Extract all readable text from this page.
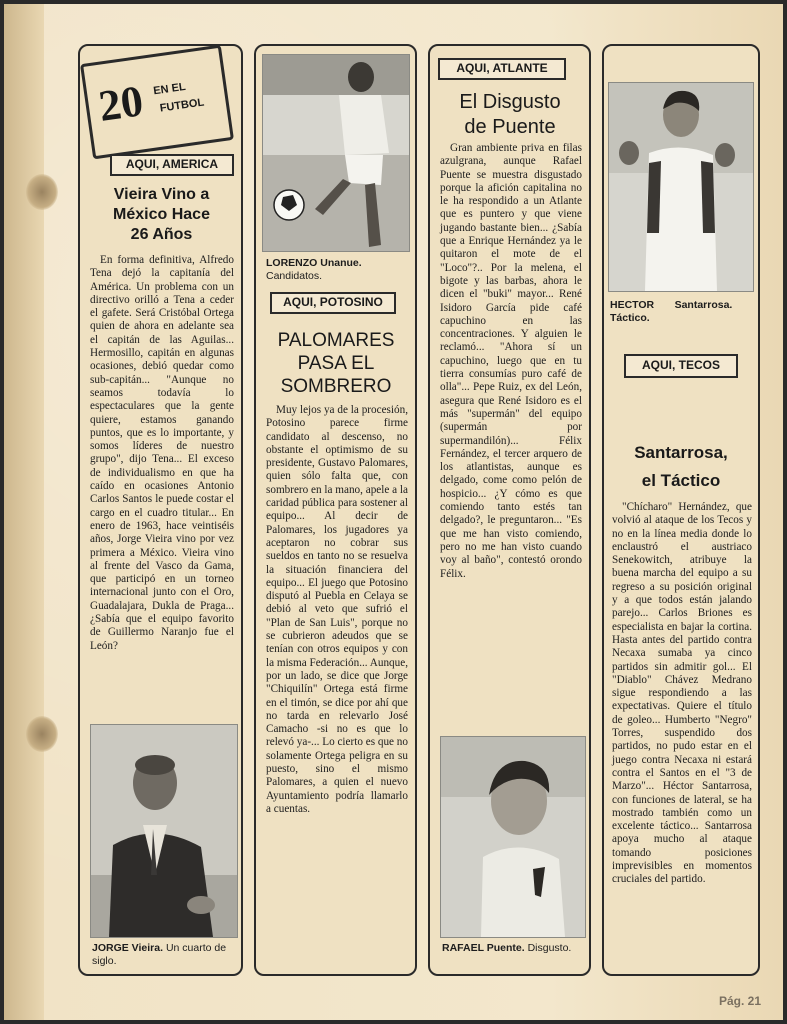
20 EN EL
FUTBOL
AQUI, AMERICA
Vieira Vino a
México Hace
26 Años

En forma definitiva, Alfredo Tena dejó la capitanía del América. Un problema con un directivo orilló a Tena a ceder el gafete. Será Cristóbal Ortega quien de ahora en adelante sea el capitán de las Aguilas... Hermosillo, capitán en algunas ocasiones, debió quedar como sub-capitán... "Aunque no seamos todavía lo espectaculares que la gente quiere, estamos ganando puntos, que es lo importante, y somos líderes de nuestro grupo", dijo Tena... El exceso de individualismo en que ha caído en ocasiones Antonio Carlos Santos le puede costar el cargo en el cuadro titular... En enero de 1963, hace veintiséis años, Jorge Vieira vino por vez primera a México. Vieira vino al frente del Vasco da Gama, que participó en un torneo internacional junto con el Oro, Guadalajara, Dukla de Praga... ¿Sabía que el equipo favorito de Guillermo Naranjo fue el León?

JORGE Vieira. Un cuarto de siglo.

LORENZO Unanue. Candidatos.

AQUI, POTOSINO
PALOMARES
PASA EL
SOMBRERO

Muy lejos ya de la procesión, Potosino parece firme candidato al descenso, no obstante el optimismo de su presidente, Gustavo Palomares, quien sólo falta que, con sombrero en la mano, apele a la caridad pública para sostener al equipo... Al decir de Palomares, los jugadores ya aceptaron no cobrar sus sueldos en tanto no se resuelva la situación financiera del equipo... El juego que Potosino disputó al Puebla en Celaya se debió al veto que sufrió el "Plan de San Luis", porque no se cubrieron adeudos que se tenían con otros equipos y con la misma Federación... Aunque, por un lado, se dice que Jorge "Chiquilín" Ortega está firme en el timón, se dice por ahí que no tarda en relevarlo José Camacho -si no es que lo relevó ya-... Lo cierto es que no solamente Ortega peligra en su puesto, sino el mismo Palomares, a quien el nuevo Ayuntamiento podría llamarlo a cuentas.

AQUI, ATLANTE
El Disgusto
de Puente

Gran ambiente priva en filas azulgrana, aunque Rafael Puente se muestra disgustado porque la afición capitalina no le ha respondido a un Atlante que es puntero y que viene jugando bastante bien... ¿Sabía que a Enrique Hernández ya le quitaron el mote de el "Loco"?.. Por la melena, el bigote y las barbas, ahora le dicen el "buki" mayor... René Isidoro García pide café capuchino en las concentraciones. Y alguien le reclamó... "Ahora sí un capuchino, luego que en tu tierra consumías puro café de olla"... Pepe Ruiz, ex del León, asegura que René Isidoro es el más "supermán" del equipo (supermán por supermandilón)... Félix Fernández, el tercer arquero de los atlantistas, aunque es delgado, come como pelón de hospicio... ¿Y cómo es que comiendo tanto estés tan delgado?, le preguntaron... "Es que me han visto comiendo, pero no me han visto cuando voy al baño", contestó orondo Félix.

RAFAEL Puente. Disgusto.

HECTOR Santarrosa.
Táctico.

AQUI, TECOS
Santarrosa,
el Táctico

"Chícharo" Hernández, que volvió al ataque de los Tecos y no en la línea media donde lo enclaustró el austriaco Senekowitch, atribuye la buena marcha del equipo a su regreso a su posición original y a que todos están jalando parejo... Carlos Briones es especialista en bajar la cortina. Hasta antes del partido contra Necaxa sumaba ya cinco partidos sin admitir gol... El "Diablo" Chávez Medrano sigue respondiendo a las expectativas. Quiere el título de goleo... Humberto "Negro" Torres, suspendido dos partidos, no pudo estar en el juego contra Necaxa ni estará contra el Santos en el "3 de Marzo"... Héctor Santarrosa, con funciones de lateral, se ha mostrado también como un excelente táctico... Santarrosa apoya mucho al ataque tomando posiciones imprevisibles en momentos cruciales del partido.

Pág. 21
